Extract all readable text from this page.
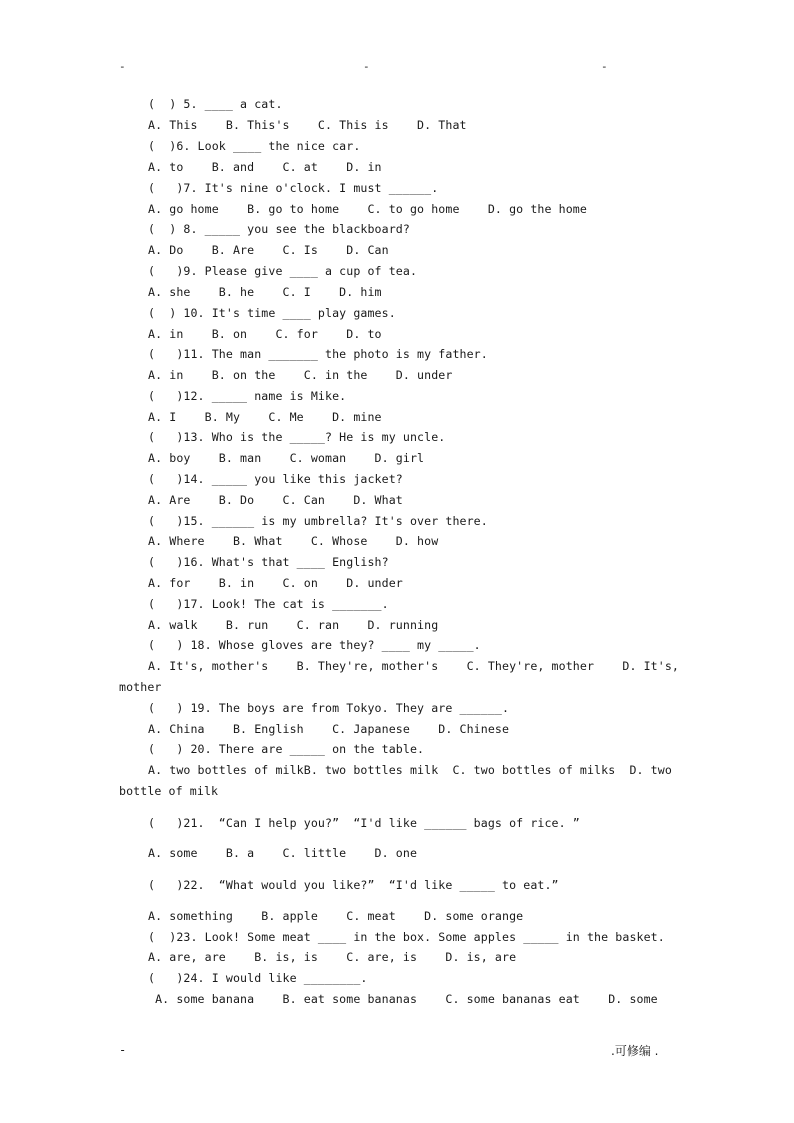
-	-	-
(  ) 5. ____ a cat.
A. This    B. This's    C. This is    D. That
(  )6. Look ____ the nice car.
A. to    B. and    C. at    D. in
(   )7. It's nine o'clock. I must ______.
A. go home    B. go to home    C. to go home    D. go the home
(  ) 8. _____ you see the blackboard?
A. Do    B. Are    C. Is    D. Can
(   )9. Please give ____ a cup of tea.
A. she    B. he    C. I    D. him
(  ) 10. It's time ____ play games.
A. in    B. on    C. for    D. to
(   )11. The man _______ the photo is my father.
A. in    B. on the    C. in the    D. under
(   )12. _____ name is Mike.
A. I    B. My    C. Me    D. mine
(   )13. Who is the _____? He is my uncle.
A. boy    B. man    C. woman    D. girl
(   )14. _____ you like this jacket?
A. Are    B. Do    C. Can    D. What
(   )15. ______ is my umbrella? It's over there.
A. Where    B. What    C. Whose    D. how
(   )16. What's that ____ English?
A. for    B. in    C. on    D. under
(   )17. Look! The cat is _______.
A. walk    B. run    C. ran    D. running
(   ) 18. Whose gloves are they? ____ my _____.
A. It's, mother's    B. They're, mother's    C. They're, mother    D. It's,
mother
(   ) 19. The boys are from Tokyo. They are ______.
A. China    B. English    C. Japanese    D. Chinese
(   ) 20. There are _____ on the table.
A. two bottles of milkB. two bottles milk  C. two bottles of milks  D. two
bottle of milk
(   )21.  “Can I help you?”  “I'd like ______ bags of rice. ”
A. some    B. a    C. little    D. one
(   )22.  “What would you like?”  “I'd like _____ to eat.”
A. something    B. apple    C. meat    D. some orange
(  )23. Look! Some meat ____ in the box. Some apples _____ in the basket.
A. are, are    B. is, is    C. are, is    D. is, are
(   )24. I would like ________.
A. some banana    B. eat some bananas    C. some bananas eat    D. some
-	.可修编 .
